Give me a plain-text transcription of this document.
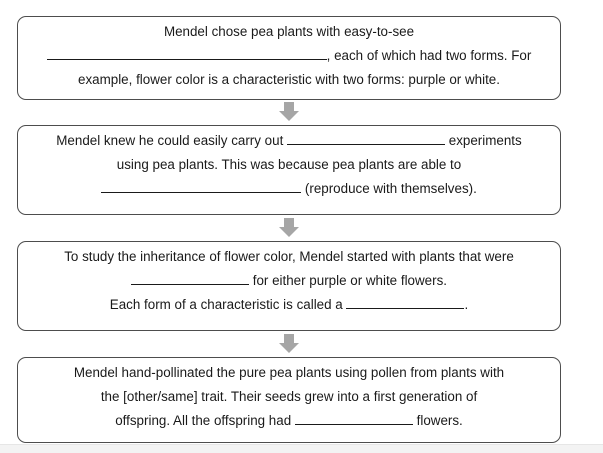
Mendel chose pea plants with easy-to-see
, each of which had two forms. For
example, flower color is a characteristic with two forms: purple or white.
Mendel knew he could easily carry out	experiments
using pea plants. This was because pea plants are able to
(reproduce with themselves).
To study the inheritance of flower color, Mendel started with plants that were
for either purple or white flowers.
Each form of a characteristic is called a	.
Mendel hand-pollinated the pure pea plants using pollen from plants with
the [other/same] trait. Their seeds grew into a first generation of
offspring. All the offspring had	flowers.
